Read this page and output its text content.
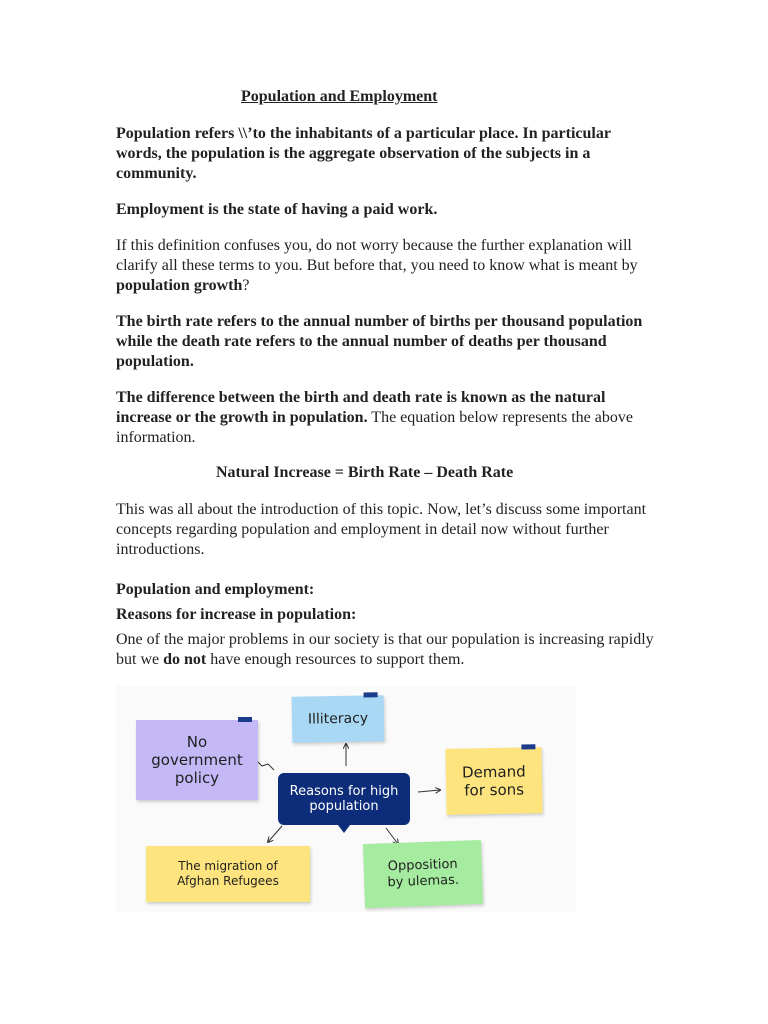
Population and Employment

Population refers \\’to the inhabitants of a particular place. In particular words, the population is the aggregate observation of the subjects in a community.

Employment is the state of having a paid work.

If this definition confuses you, do not worry because the further explanation will clarify all these terms to you. But before that, you need to know what is meant by population growth?

The birth rate refers to the annual number of births per thousand population while the death rate refers to the annual number of deaths per thousand population.

The difference between the birth and death rate is known as the natural increase or the growth in population. The equation below represents the above information.

Natural Increase = Birth Rate – Death Rate

This was all about the introduction of this topic. Now, let’s discuss some important concepts regarding population and employment in detail now without further introductions.

Population and employment:

Reasons for increase in population:

One of the major problems in our society is that our population is increasing rapidly but we do not have enough resources to support them.

Reasons for high population
Illiteracy
No government policy	Demand for sons
The migration of Afghan Refugees
Opposition by ulemas.
